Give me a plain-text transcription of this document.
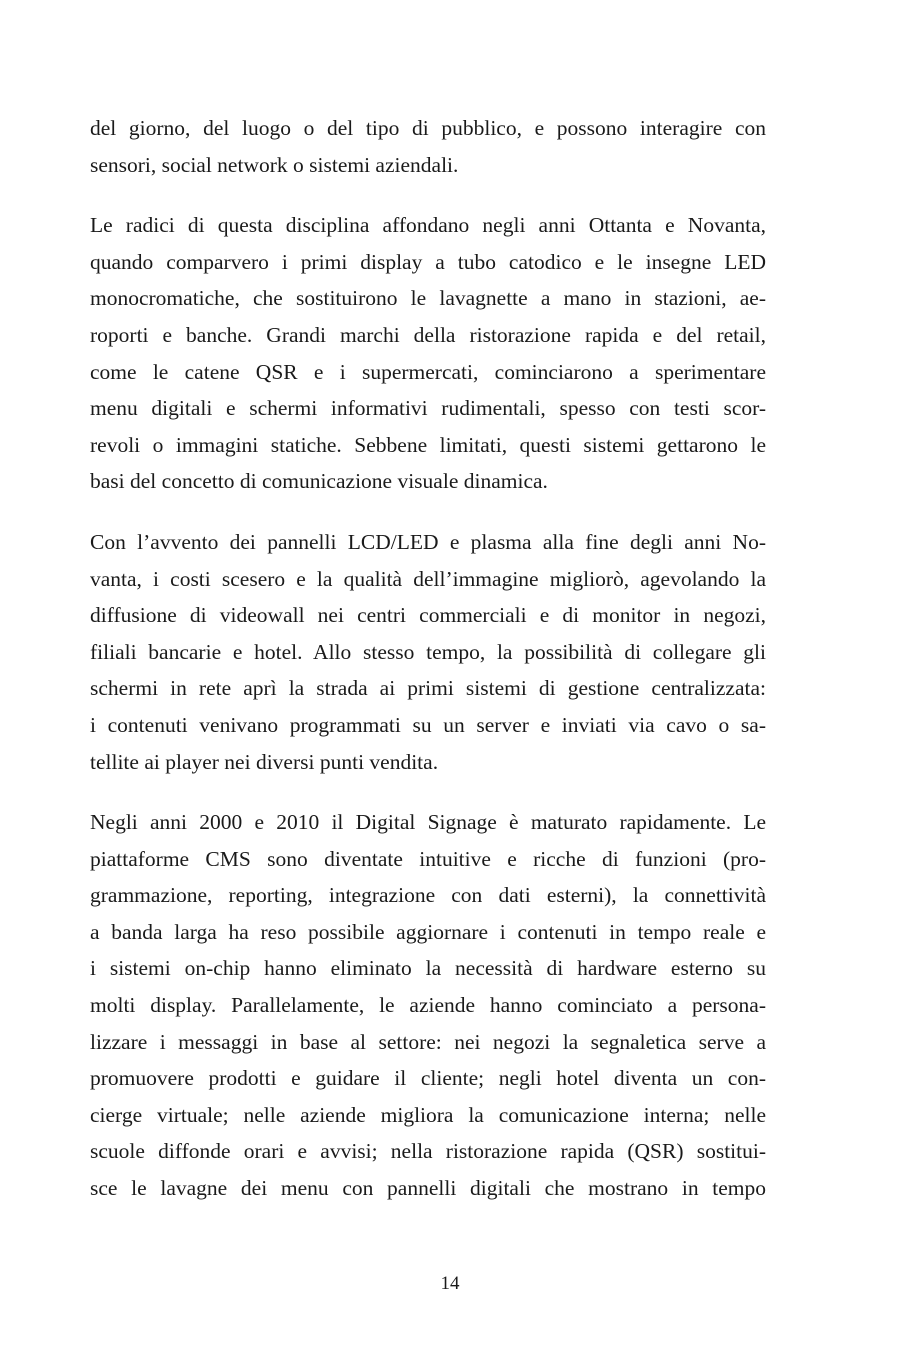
del giorno, del luogo o del tipo di pubblico, e possono interagire con
sensori, social network o sistemi aziendali.
Le radici di questa disciplina affondano negli anni Ottanta e Novanta,
quando comparvero i primi display a tubo catodico e le insegne LED
monocromatiche, che sostituirono le lavagnette a mano in stazioni, ae-
roporti e banche. Grandi marchi della ristorazione rapida e del retail,
come le catene QSR e i supermercati, cominciarono a sperimentare
menu digitali e schermi informativi rudimentali, spesso con testi scor-
revoli o immagini statiche. Sebbene limitati, questi sistemi gettarono le
basi del concetto di comunicazione visuale dinamica.
Con l’avvento dei pannelli LCD/LED e plasma alla fine degli anni No-
vanta, i costi scesero e la qualità dell’immagine migliorò, agevolando la
diffusione di videowall nei centri commerciali e di monitor in negozi,
filiali bancarie e hotel. Allo stesso tempo, la possibilità di collegare gli
schermi in rete aprì la strada ai primi sistemi di gestione centralizzata:
i contenuti venivano programmati su un server e inviati via cavo o sa-
tellite ai player nei diversi punti vendita.
Negli anni 2000 e 2010 il Digital Signage è maturato rapidamente. Le
piattaforme CMS sono diventate intuitive e ricche di funzioni (pro-
grammazione, reporting, integrazione con dati esterni), la connettività
a banda larga ha reso possibile aggiornare i contenuti in tempo reale e
i sistemi on-chip hanno eliminato la necessità di hardware esterno su
molti display. Parallelamente, le aziende hanno cominciato a persona-
lizzare i messaggi in base al settore: nei negozi la segnaletica serve a
promuovere prodotti e guidare il cliente; negli hotel diventa un con-
cierge virtuale; nelle aziende migliora la comunicazione interna; nelle
scuole diffonde orari e avvisi; nella ristorazione rapida (QSR) sostitui-
sce le lavagne dei menu con pannelli digitali che mostrano in tempo
14
